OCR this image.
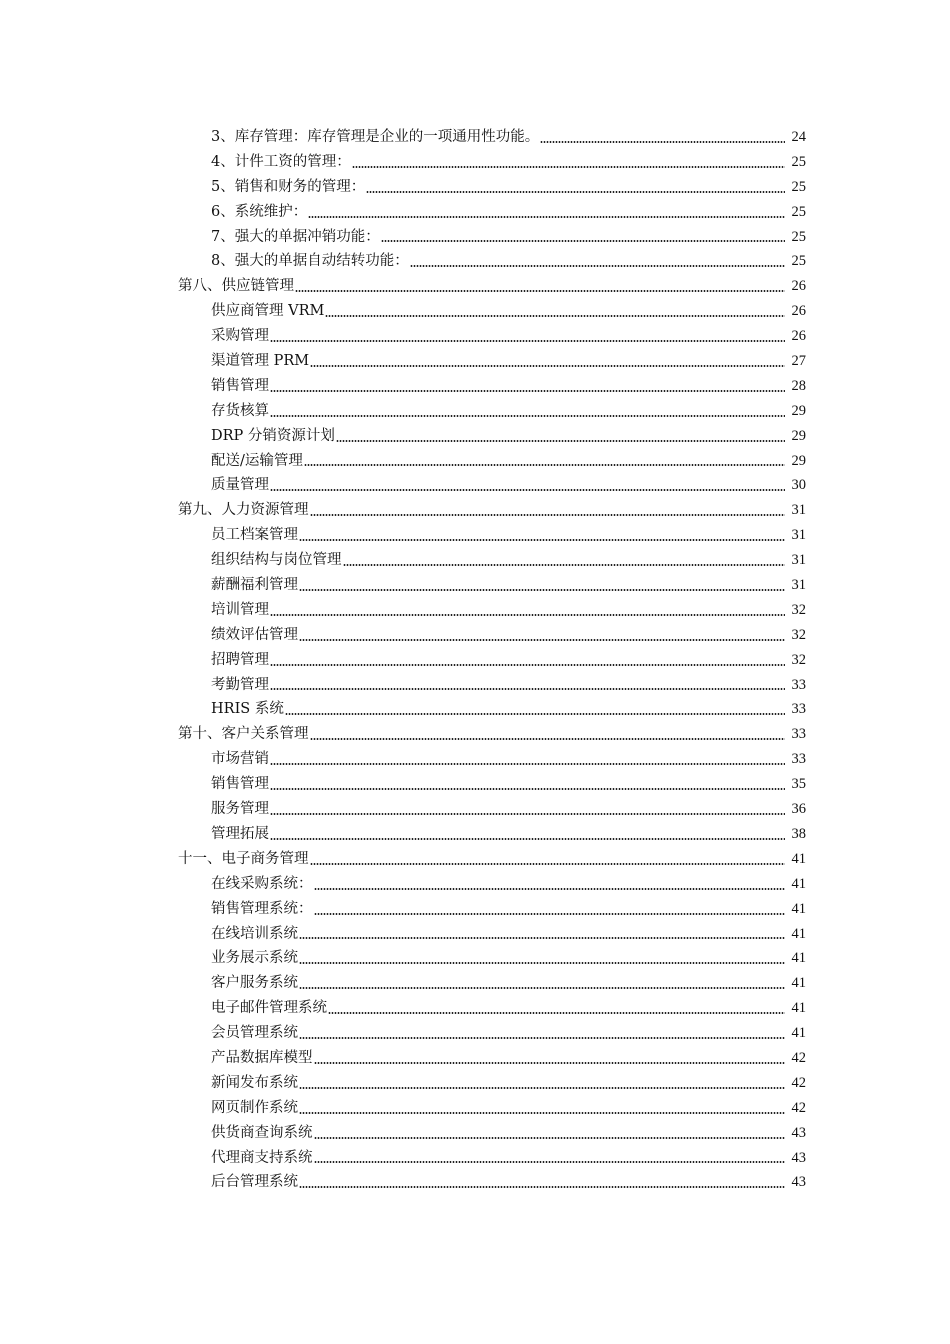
3、库存管理：库存管理是企业的一项通用性功能。	24
4、计件工资的管理：	25
5、销售和财务的管理：	25
6、系统维护：	25
7、强大的单据冲销功能：	25
8、强大的单据自动结转功能：	25
第八、供应链管理	26
供应商管理 VRM	26
采购管理	26
渠道管理 PRM	27
销售管理	28
存货核算	29
DRP 分销资源计划	29
配送/运输管理	29
质量管理	30
第九、人力资源管理	31
员工档案管理	31
组织结构与岗位管理	31
薪酬福利管理	31
培训管理	32
绩效评估管理	32
招聘管理	32
考勤管理	33
HRIS 系统	33
第十、客户关系管理	33
市场营销	33
销售管理	35
服务管理	36
管理拓展	38
十一、电子商务管理	41
在线采购系统：	41
销售管理系统：	41
在线培训系统	41
业务展示系统	41
客户服务系统	41
电子邮件管理系统	41
会员管理系统	41
产品数据库模型	42
新闻发布系统	42
网页制作系统	42
供货商查询系统	43
代理商支持系统	43
后台管理系统	43
